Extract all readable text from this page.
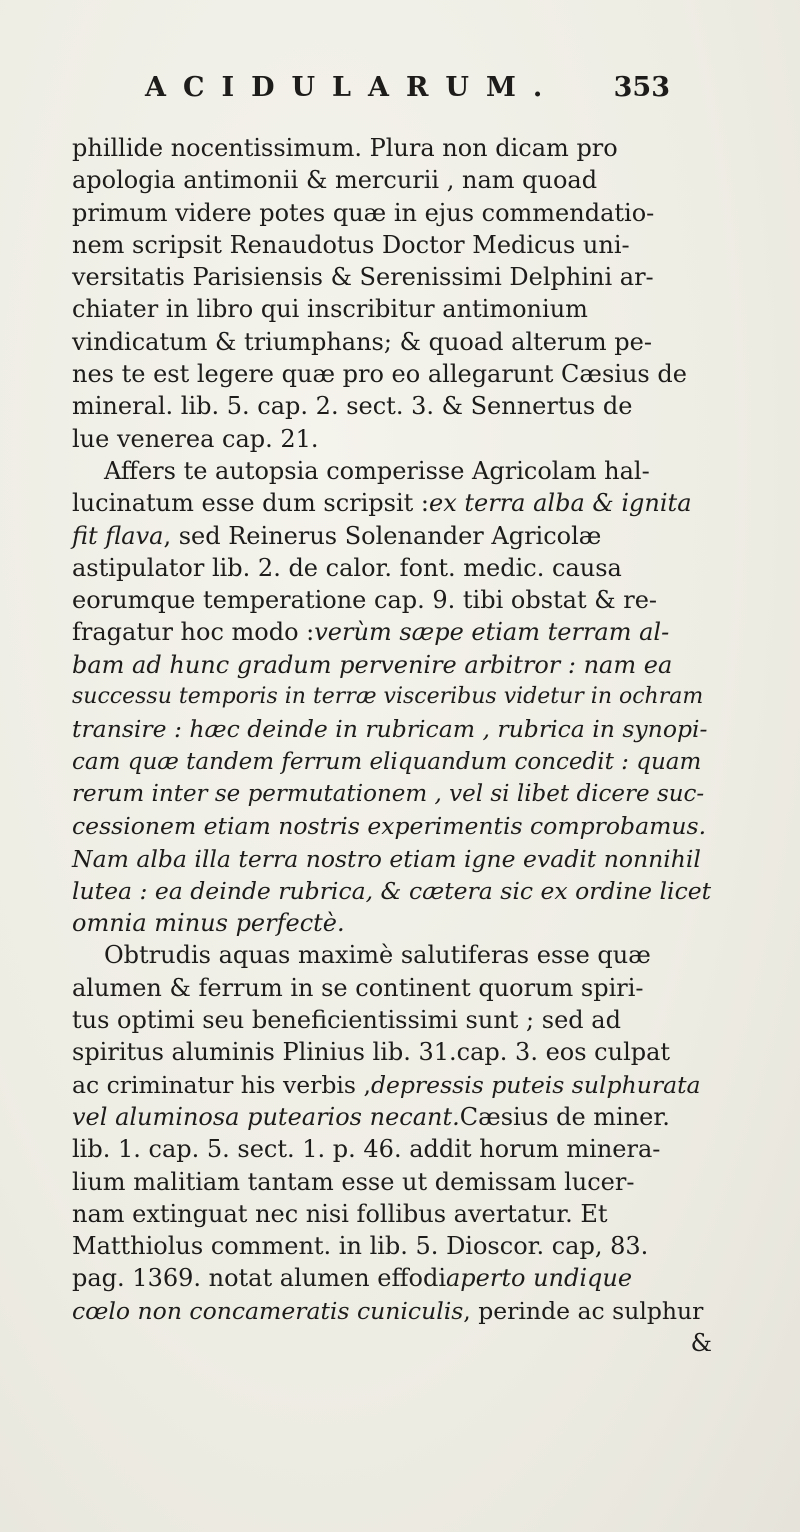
ACIDULARUM. 353
phillide nocentissimum. Plura non dicam pro
apologia antimonii & mercurii , nam quoad
primum videre potes quæ in ejus commendatio-
nem scripsit Renaudotus Doctor Medicus uni-
versitatis Parisiensis & Serenissimi Delphini ar-
chiater in libro qui inscribitur antimonium
vindicatum & triumphans; & quoad alterum pe-
nes te est legere quæ pro eo allegarunt Cæsius de
mineral. lib. 5. cap. 2. sect. 3. & Sennertus de
lue venerea cap. 21.
Affers te autopsia comperisse Agricolam hal-
lucinatum esse dum scripsit : ex terra alba & ignita
fit flava , sed Reinerus Solenander Agricolæ
astipulator lib. 2. de calor. font. medic. causa
eorumque temperatione cap. 9. tibi obstat & re-
fragatur hoc modo : verùm sæpe etiam terram al-
bam ad hunc gradum pervenire arbitror : nam ea
successu temporis in terræ visceribus videtur in ochram
transire : hæc deinde in rubricam , rubrica in synopi-
cam quæ tandem ferrum eliquandum concedit : quam
rerum inter se permutationem , vel si libet dicere suc-
cessionem etiam nostris experimentis comprobamus.
Nam alba illa terra nostro etiam igne evadit nonnihil
lutea : ea deinde rubrica, & cætera sic ex ordine licet
omnia minus perfectè.
Obtrudis aquas maximè salutiferas esse quæ
alumen & ferrum in se continent quorum spiri-
tus optimi seu beneficientissimi sunt ; sed ad
spiritus aluminis Plinius lib. 31.cap. 3. eos culpat
ac criminatur his verbis , depressis puteis sulphurata
vel aluminosa putearios necant. Cæsius de miner.
lib. 1. cap. 5. sect. 1. p. 46. addit horum minera-
lium malitiam tantam esse ut demissam lucer-
nam extinguat nec nisi follibus avertatur. Et
Matthiolus comment. in lib. 5. Dioscor. cap, 83.
pag. 1369. notat alumen effodi aperto undique
cœlo non concameratis cuniculis , perinde ac sulphur
&
